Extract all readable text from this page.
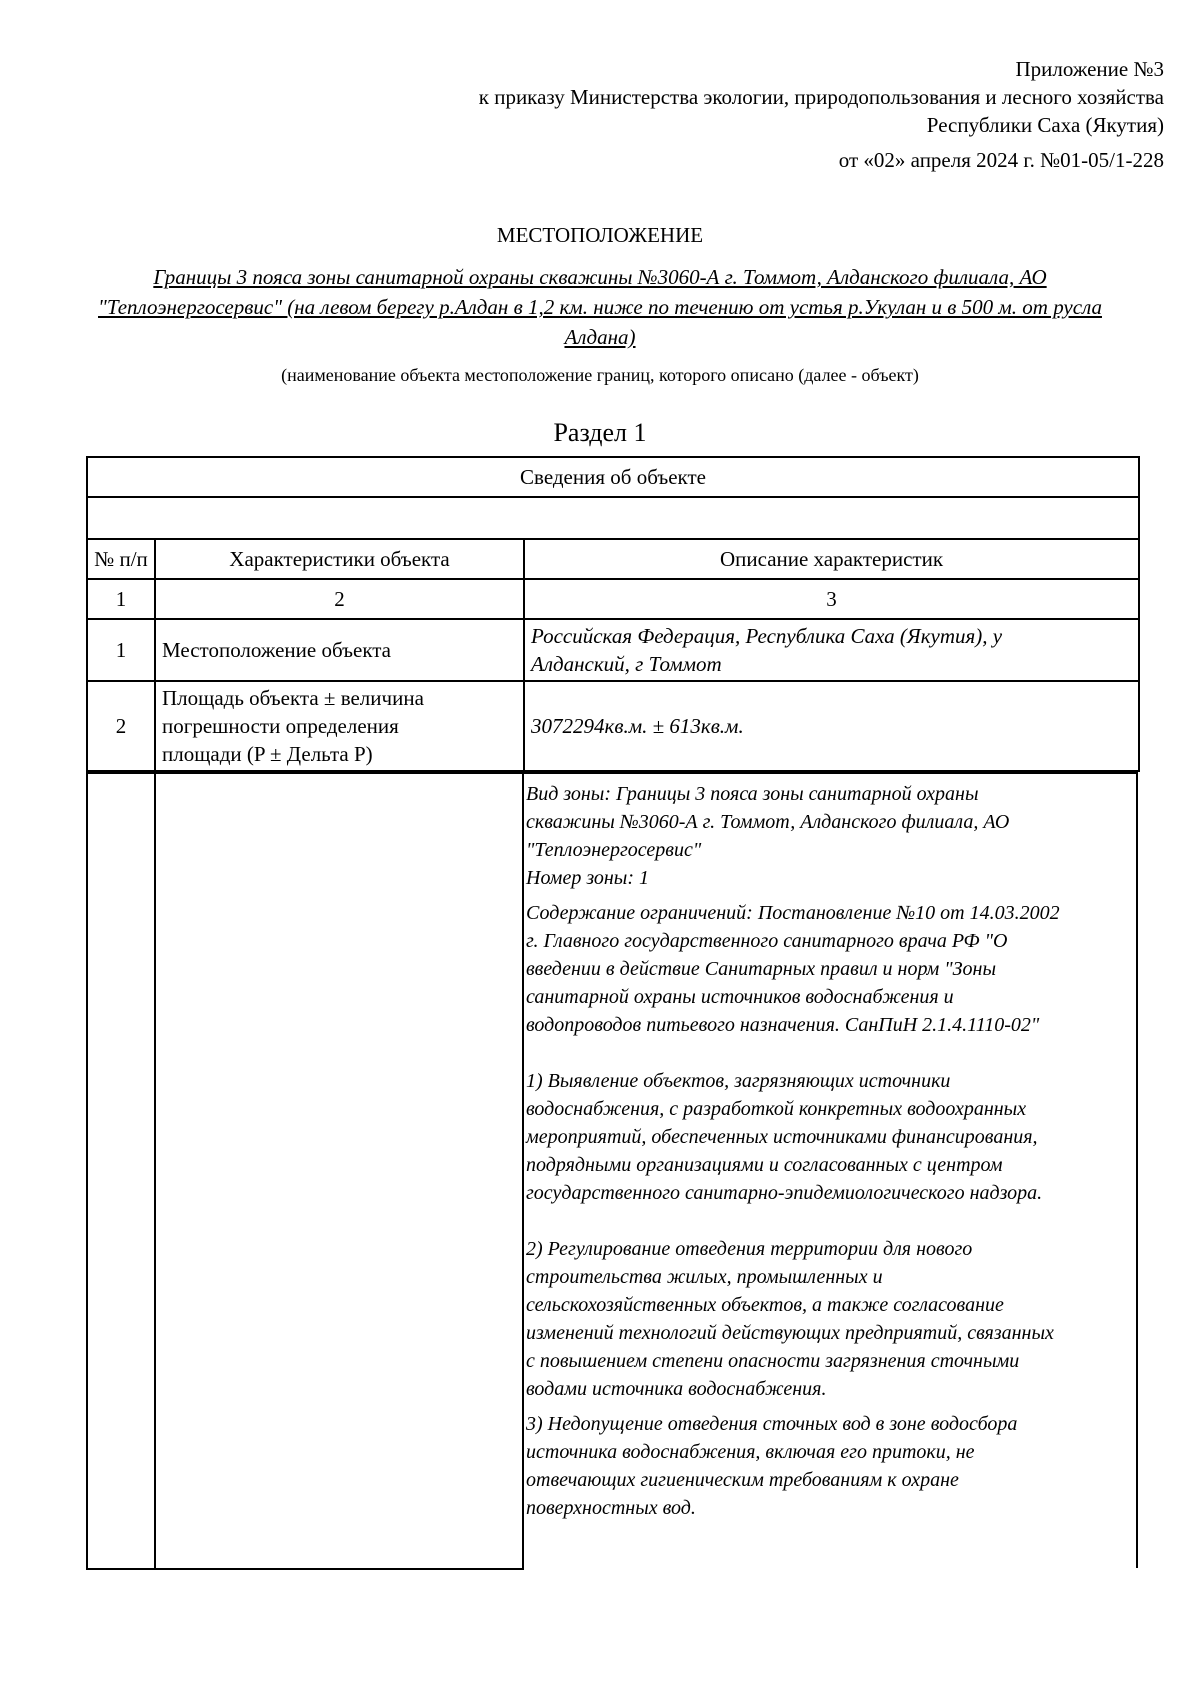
Приложение №3
к приказу Министерства экологии, природопользования и лесного хозяйства
Республики Саха (Якутия)
от «02» апреля 2024 г. №01-05/1-228
МЕСТОПОЛОЖЕНИЕ
Границы 3 пояса зоны санитарной охраны скважины №3060-А г. Томмот, Алданского филиала, АО
"Теплоэнергосервис" (на левом берегу р.Алдан в 1,2 км. ниже по течению от устья р.Укулан и в 500 м. от русла
Алдана)
(наименование объекта местоположение границ, которого описано (далее - объект)
Раздел 1
Сведения об объекте		

№ п/п	Характеристики объекта	Описание характеристик
1	2	3
1	Местоположение объекта	Российская Федерация, Республика Саха (Якутия), у
Алданский, г Томмот

2	Площадь объекта ± величина
погрешности определения
площади (P ± Дельта P)	3072294кв.м. ± 613кв.м.

Вид зоны: Границы 3 пояса зоны санитарной охраны
скважины №3060-А г. Томмот, Алданского филиала, АО
"Теплоэнергосервис"
Номер зоны: 1

Содержание ограничений: Постановление №10 от 14.03.2002
г. Главного государственного санитарного врача РФ "О
введении в действие Санитарных правил и норм "Зоны
санитарной охраны источников водоснабжения и
водопроводов питьевого назначения. СанПиН 2.1.4.1110-02"

1) Выявление объектов, загрязняющих источники
водоснабжения, с разработкой конкретных водоохранных
мероприятий, обеспеченных источниками финансирования,
подрядными организациями и согласованных с центром
государственного санитарно-эпидемиологического надзора.

2) Регулирование отведения территории для нового
строительства жилых, промышленных и
сельскохозяйственных объектов, а также согласование
изменений технологий действующих предприятий, связанных
с повышением степени опасности загрязнения сточными
водами источника водоснабжения.

3) Недопущение отведения сточных вод в зоне водосбора
источника водоснабжения, включая его притоки, не
отвечающих гигиеническим требованиям к охране
поверхностных вод.
